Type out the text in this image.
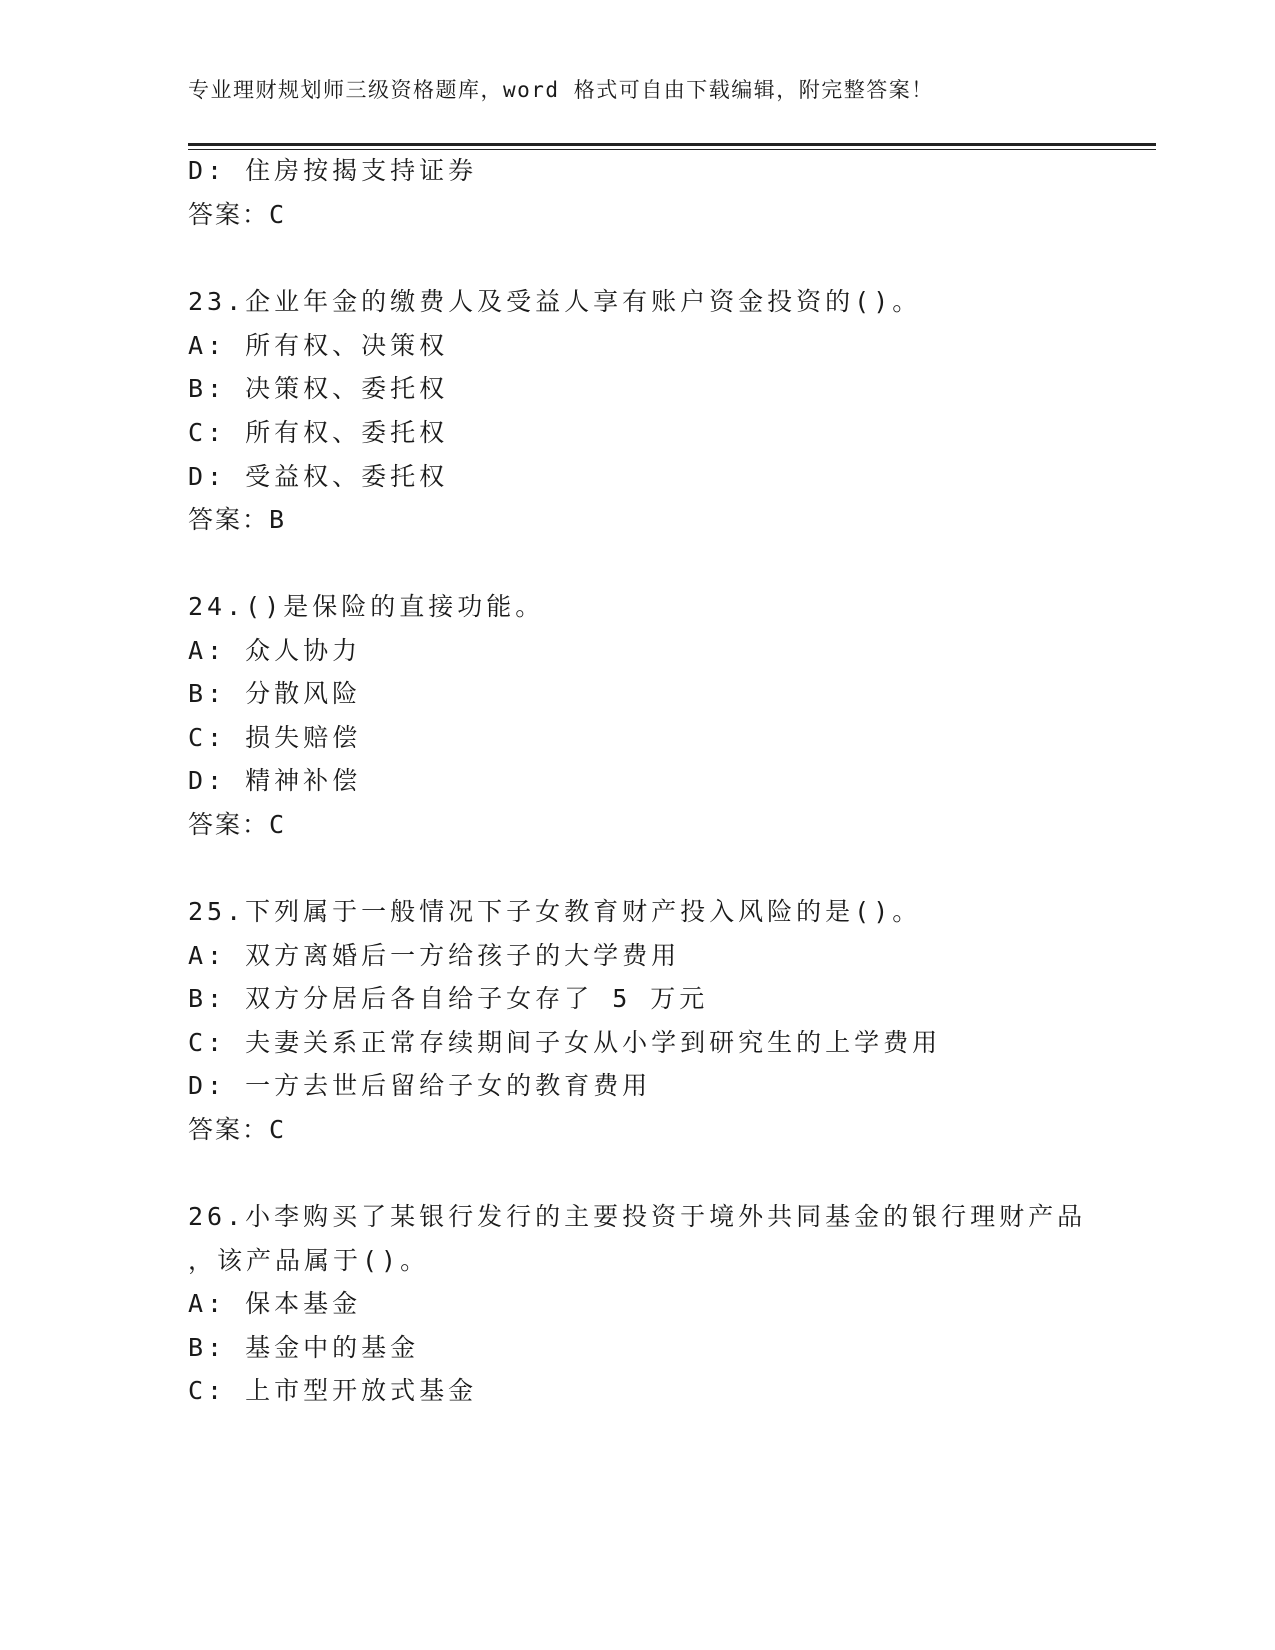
专业理财规划师三级资格题库，word 格式可自由下载编辑，附完整答案！
D: 住房按揭支持证券
答案：C
23.企业年金的缴费人及受益人享有账户资金投资的()。
A: 所有权、决策权
B: 决策权、委托权
C: 所有权、委托权
D: 受益权、委托权
答案：B
24.()是保险的直接功能。
A: 众人协力
B: 分散风险
C: 损失赔偿
D: 精神补偿
答案：C
25.下列属于一般情况下子女教育财产投入风险的是()。
A: 双方离婚后一方给孩子的大学费用
B: 双方分居后各自给子女存了 5 万元
C: 夫妻关系正常存续期间子女从小学到研究生的上学费用
D: 一方去世后留给子女的教育费用
答案：C
26.小李购买了某银行发行的主要投资于境外共同基金的银行理财产品
，该产品属于()。
A: 保本基金
B: 基金中的基金
C: 上市型开放式基金
